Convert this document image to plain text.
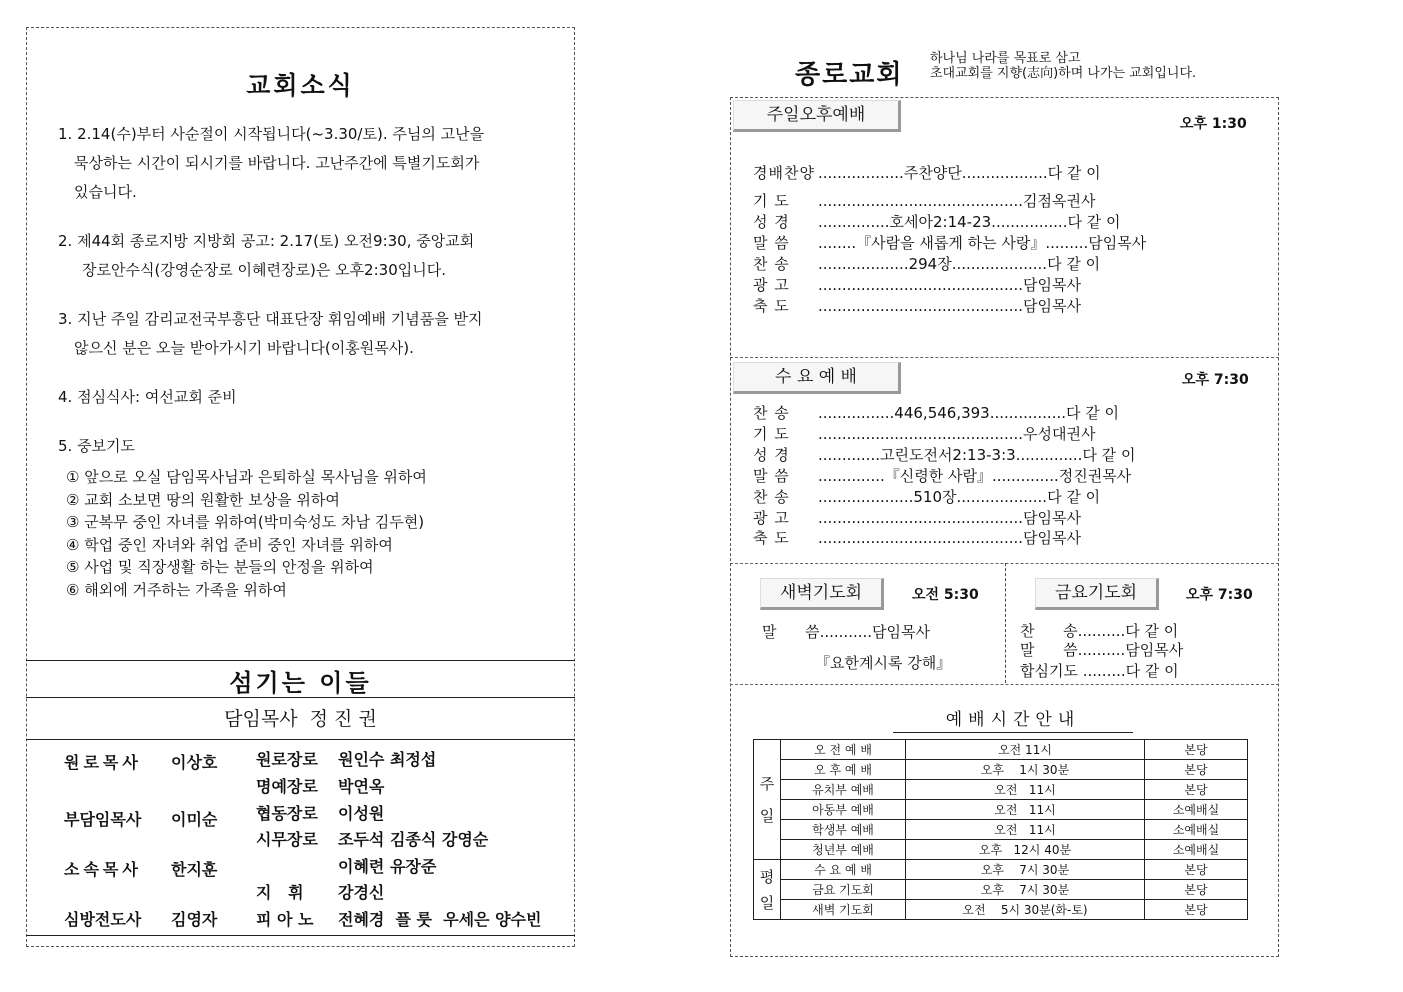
교회소식
1. 2.14(수)부터 사순절이 시작됩니다(~3.30/토). 주님의 고난을
묵상하는 시간이 되시기를 바랍니다. 고난주간에 특별기도회가
있습니다.
2. 제44회 종로지방 지방회 공고: 2.17(토) 오전9:30, 중앙교회
장로안수식(강영순장로 이혜련장로)은 오후2:30입니다.
3. 지난 주일 감리교전국부흥단 대표단장 휘임예배 기념품을 받지
않으신 분은 오늘 받아가시기 바랍니다(이홍원목사).
4. 점심식사: 여선교회 준비
5. 중보기도
① 앞으로 오실 담임목사님과 은퇴하실 목사님을 위하여
② 교회 소보면 땅의 원활한 보상을 위하여
③ 군복무 중인 자녀를 위하여(박미숙성도 차남 김두현)
④ 학업 중인 자녀와 취업 준비 중인 자녀를 위하여
⑤ 사업 및 직장생활 하는 분들의 안정을 위하여
⑥ 해외에 거주하는 가족을 위하여
섬기는 이들
담임목사  정 진 권
원로목사 이상호
부담임목사 이미순
소속목사 한지훈
심방전도사 김영자
원로장로 원인수 최정섭
명예장로 박연옥
협동장로 이성원
시무장로 조두석 김종식 강영순
이혜련 유장준
지   휘 강경신
피 아 노 전혜경  플 룻  우세은 양수빈
종로교회
하나님 나라를 목표로 삼고
초대교회를 지향(志向)하며 나가는 교회입니다.
주일오후예배	오후 1:30
경배찬양 ..................주찬양단..................다 같 이
기 도	...........................................김점옥권사
성 경	...............호세아2:14-23................다 같 이
말 씀	........『사람을 새롭게 하는 사랑』.........담임목사
찬 송	...................294장....................다 같 이
광 고	...........................................담임목사
축 도	...........................................담임목사
수 요 예 배	오후 7:30
찬 송	................446,546,393................다 같 이
기 도	...........................................우성대권사
성 경	.............고린도전서2:13-3:3..............다 같 이
말 씀	..............『신령한 사람』..............정진권목사
찬 송	....................510장...................다 같 이
광 고	...........................................담임목사
축 도	...........................................담임목사
새벽기도회	오전 5:30
말      씀...........담임목사
『요한계시록 강해』
금요기도회	오후 7:30
찬      송..........다 같 이
말      씀..........담임목사
합심기도 .........다 같 이
예배시간안내
주
일	오 전 예 배	오전 11시	본당
	오 후 예 배	오후    1시 30분	본당
	유치부 예배	오전   11시	본당
	아동부 예배	오전   11시	소예배실
	학생부 예배	오전   11시	소예배실
	청년부 예배	오후   12시 40분	소예배실

평
일	수 요 예 배	오후    7시 30분	본당
	금요 기도회	오후    7시 30분	본당
	새벽 기도회	오전    5시 30분(화-토)	본당
